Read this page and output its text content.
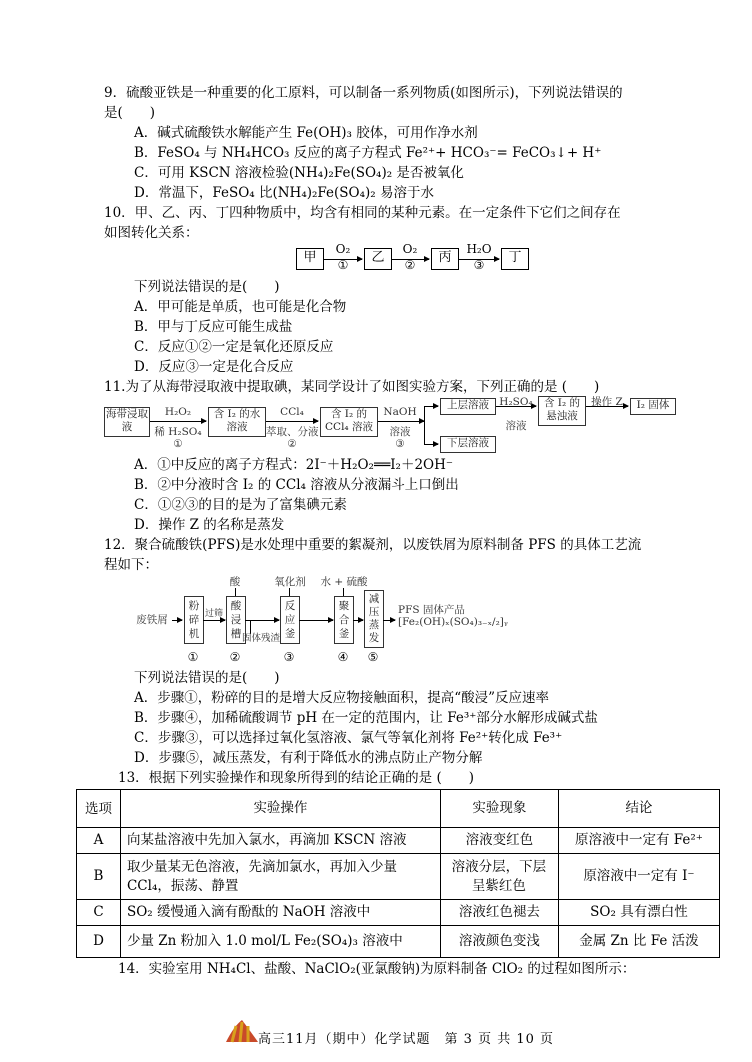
9．硫酸亚铁是一种重要的化工原料，可以制备一系列物质(如图所示)，下列说法错误的
是(　　)
A．碱式硫酸铁水解能产生 Fe(OH)₃ 胶体，可用作净水剂
B．FeSO₄ 与 NH₄HCO₃ 反应的离子方程式 Fe²⁺+ HCO₃⁻= FeCO₃↓+ H⁺
C．可用 KSCN 溶液检验(NH₄)₂Fe(SO₄)₂ 是否被氧化
D．常温下，FeSO₄ 比(NH₄)₂Fe(SO₄)₂ 易溶于水
10．甲、乙、丙、丁四种物质中，均含有相同的某种元素。在一定条件下它们之间存在
如图转化关系：
甲
O₂
①	乙
O₂
②	丙
H₂O
③	丁
下列说法错误的是(　　)
A．甲可能是单质，也可能是化合物
B．甲与丁反应可能生成盐
C．反应①②一定是氧化还原反应
D．反应③一定是化合反应
11.为了从海带浸取液中提取碘，某同学设计了如图实验方案，下列正确的是 (　　)
海带浸取液
H₂O₂
稀 H₂SO₄
①
含 I₂ 的水溶液
CCl₄
萃取、分液
②
含 I₂ 的CCl₄ 溶液
NaOH
溶液
③
上层溶液
下层溶液
H₂SO₄
溶液
含 I₂ 的悬浊液
操作 Z	I₂ 固体
A．①中反应的离子方程式：2I⁻＋H₂O₂══I₂＋2OH⁻
B．②中分液时含 I₂ 的 CCl₄ 溶液从分液漏斗上口倒出
C．①②③的目的是为了富集碘元素
D．操作 Z 的名称是蒸发
12．聚合硫酸铁(PFS)是水处理中重要的絮凝剂，以废铁屑为原料制备 PFS 的具体工艺流
程如下：
废铁屑
粉碎机
过筛
酸浸槽
酸
固体残渣
反应釜
氧化剂
聚合釜
水 + 硫酸
减压蒸发
PFS 固体产品
[Fe₂(OH)ₓ(SO₄)₃₋ₓ/₂]ᵧ
①	②	③	④	⑤
下列说法错误的是(　　)
A．步骤①，粉碎的目的是增大反应物接触面积，提高“酸浸”反应速率
B．步骤④，加稀硫酸调节 pH 在一定的范围内，让 Fe³⁺部分水解形成碱式盐
C．步骤③，可以选择过氧化氢溶液、氯气等氧化剂将 Fe²⁺转化成 Fe³⁺
D．步骤⑤，减压蒸发，有利于降低水的沸点防止产物分解
13．根据下列实验操作和现象所得到的结论正确的是 (　　)
选项	实验操作	实验现象	结论
A	向某盐溶液中先加入氯水，再滴加 KSCN 溶液	溶液变红色	原溶液中一定有 Fe²⁺
B	取少量某无色溶液，先滴加氯水，再加入少量CCl₄，振荡、静置	溶液分层，下层呈紫红色	原溶液中一定有 I⁻
C	SO₂ 缓慢通入滴有酚酞的 NaOH 溶液中	溶液红色褪去	SO₂ 具有漂白性
D	少量 Zn 粉加入 1.0 mol/L Fe₂(SO₄)₃ 溶液中	溶液颜色变浅	金属 Zn 比 Fe 活泼
14．实验室用 NH₄Cl、盐酸、NaClO₂(亚氯酸钠)为原料制备 ClO₂ 的过程如图所示：
高三11月（期中）化学试题　第 3 页 共 10 页
